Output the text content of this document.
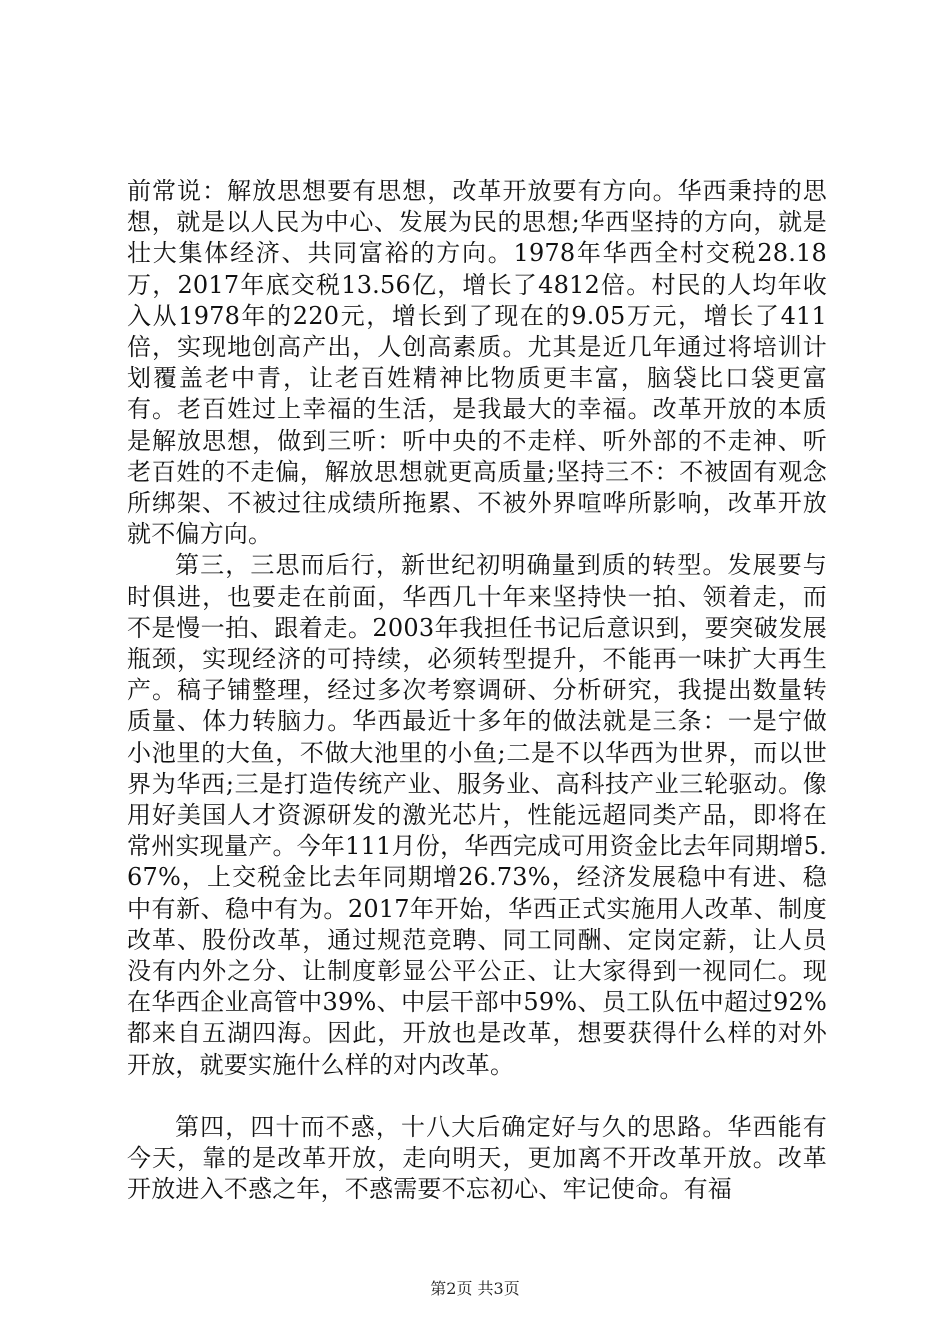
前常说：解放思想要有思想，改革开放要有方向。华西秉持的思想，就是以人民为中心、发展为民的思想;华西坚持的方向，就是壮大集体经济、共同富裕的方向。1978年华西全村交税28.18万，2017年底交税13.56亿，增长了4812倍。村民的人均年收入从1978年的220元，增长到了现在的9.05万元，增长了411倍，实现地创高产出，人创高素质。尤其是近几年通过将培训计划覆盖老中青，让老百姓精神比物质更丰富，脑袋比口袋更富有。老百姓过上幸福的生活，是我最大的幸福。改革开放的本质是解放思想，做到三听：听中央的不走样、听外部的不走神、听老百姓的不走偏，解放思想就更高质量;坚持三不：不被固有观念所绑架、不被过往成绩所拖累、不被外界喧哗所影响，改革开放就不偏方向。

第三，三思而后行，新世纪初明确量到质的转型。发展要与时俱进，也要走在前面，华西几十年来坚持快一拍、领着走，而不是慢一拍、跟着走。2003年我担任书记后意识到，要突破发展瓶颈，实现经济的可持续，必须转型提升，不能再一味扩大再生产。稿子铺整理，经过多次考察调研、分析研究，我提出数量转质量、体力转脑力。华西最近十多年的做法就是三条：一是宁做小池里的大鱼，不做大池里的小鱼;二是不以华西为世界，而以世界为华西;三是打造传统产业、服务业、高科技产业三轮驱动。像用好美国人才资源研发的激光芯片，性能远超同类产品，即将在常州实现量产。今年111月份，华西完成可用资金比去年同期增5.67%，上交税金比去年同期增26.73%，经济发展稳中有进、稳中有新、稳中有为。2017年开始，华西正式实施用人改革、制度改革、股份改革，通过规范竞聘、同工同酬、定岗定薪，让人员没有内外之分、让制度彰显公平公正、让大家得到一视同仁。现在华西企业高管中39%、中层干部中59%、员工队伍中超过92%都来自五湖四海。因此，开放也是改革，想要获得什么样的对外开放，就要实施什么样的对内改革。

第四，四十而不惑，十八大后确定好与久的思路。华西能有今天，靠的是改革开放，走向明天，更加离不开改革开放。改革开放进入不惑之年，不惑需要不忘初心、牢记使命。有福

第2页 共3页
